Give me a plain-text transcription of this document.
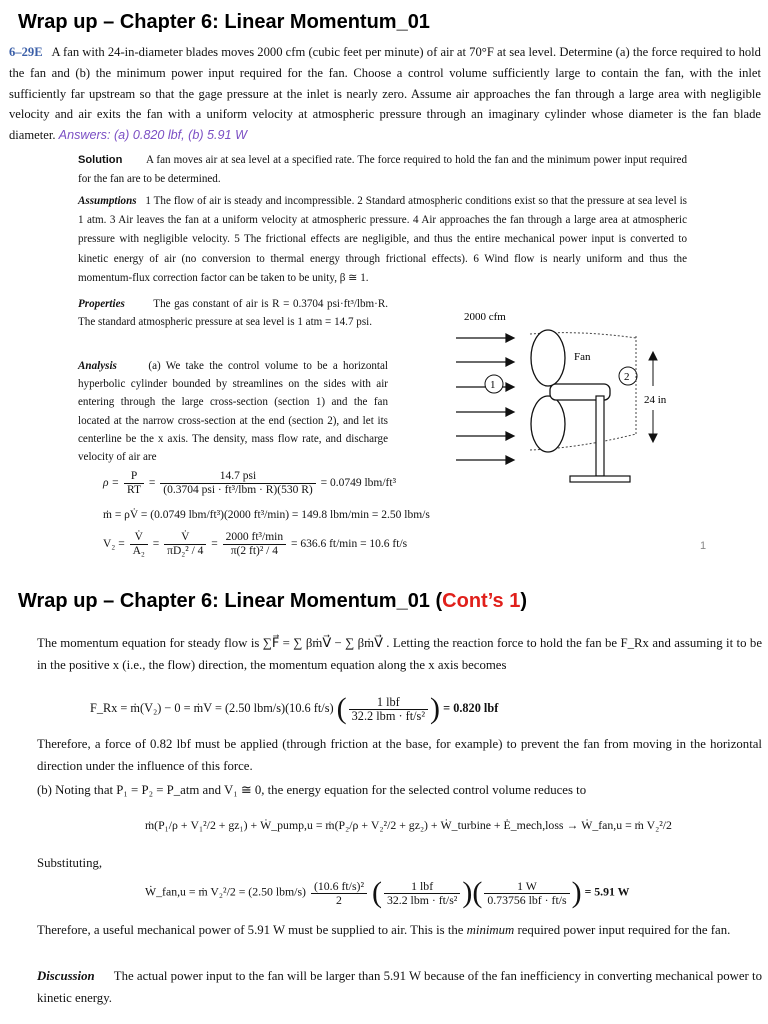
Wrap up – Chapter 6: Linear Momentum_01
6–29E A fan with 24-in-diameter blades moves 2000 cfm (cubic feet per minute) of air at 70°F at sea level. Determine (a) the force required to hold the fan and (b) the minimum power input required for the fan. Choose a control volume sufficiently large to contain the fan, with the inlet sufficiently far upstream so that the gage pressure at the inlet is nearly zero. Assume air approaches the fan through a large area with negligible velocity and air exits the fan with a uniform velocity at atmospheric pressure through an imaginary cylinder whose diameter is the fan blade diameter. Answers: (a) 0.820 lbf, (b) 5.91 W
Solution A fan moves air at sea level at a specified rate. The force required to hold the fan and the minimum power input required for the fan are to be determined.
Assumptions 1 The flow of air is steady and incompressible. 2 Standard atmospheric conditions exist so that the pressure at sea level is 1 atm. 3 Air leaves the fan at a uniform velocity at atmospheric pressure. 4 Air approaches the fan through a large area at atmospheric pressure with negligible velocity. 5 The frictional effects are negligible, and thus the entire mechanical power input is converted to kinetic energy of air (no conversion to thermal energy through frictional effects). 6 Wind flow is nearly uniform and thus the momentum-flux correction factor can be taken to be unity, β ≅ 1.
Properties	The gas constant of air is R = 0.3704 psi·ft³/lbm·R. The standard atmospheric pressure at sea level is 1 atm = 14.7 psi.
Analysis	(a) We take the control volume to be a horizontal hyperbolic cylinder bounded by streamlines on the sides with air entering through the large cross-section (section 1) and the fan located at the narrow cross-section at the end (section 2), and let its centerline be the x axis. The density, mass flow rate, and discharge velocity of air are
2000 cfm
1
Fan
2
24 in
$\rho = \frac{P}{RT}$ =
14.7 psi
(0.3704 psi · ft³/lbm · R)(530 R)
= 0.0749 lbm/ft³
ṁ = ρV̇ = (0.0749 lbm/ft³)(2000 ft³/min) = 149.8 lbm/min = 2.50 lbm/s
$V_2 = \frac{V̇}{\text{A₂}} = \frac{V̇}{\text{πD₂² / 4}}$ =
2000 ft³/min
π(2 ft)² / 4
= 636.6 ft/min = 10.6 ft/s	1
Wrap up – Chapter 6: Linear Momentum_01 (Cont’s 1)
The momentum equation for steady flow is ∑F⃗ = ∑ βṁV⃗ − ∑ βṁV⃗ . Letting the reaction force to hold the fan be F_Rx and assuming it to be in the positive x (i.e., the flow) direction, the momentum equation along the x axis becomes
F_Rx = ṁ(V₂) − 0 = ṁV = (2.50 lbm/s)(10.6 ft/s) (	1 lbf
32.2 lbm · ft/s² ) = 0.820 lbf
Therefore, a force of 0.82 lbf must be applied (through friction at the base, for example) to prevent the fan from moving in the horizontal direction under the influence of this force.
(b) Noting that P₁ = P₂ = P_atm and V₁ ≅ 0, the energy equation for the selected control volume reduces to
ṁ(P₁/ρ + V₁²/2 + gz₁) + Ẇ_pump,u = ṁ(P₂/ρ + V₂²/2 + gz₂) + Ẇ_turbine + Ė_mech,loss → Ẇ_fan,u = ṁ V₂²/2
Substituting,
Ẇ_fan,u = ṁ V₂²/2 = (2.50 $lbm/s) \frac{\text{(10.6 ft/s)²}}{2}$ (	1 lbf
32.2 lbm · ft/s² )(	1 W
0.73756 lbf · ft/s ) = 5.91 W
Therefore, a useful mechanical power of 5.91 W must be supplied to air. This is the minimum required power input required for the fan.
Discussion The actual power input to the fan will be larger than 5.91 W because of the fan inefficiency in converting mechanical power to kinetic energy.
